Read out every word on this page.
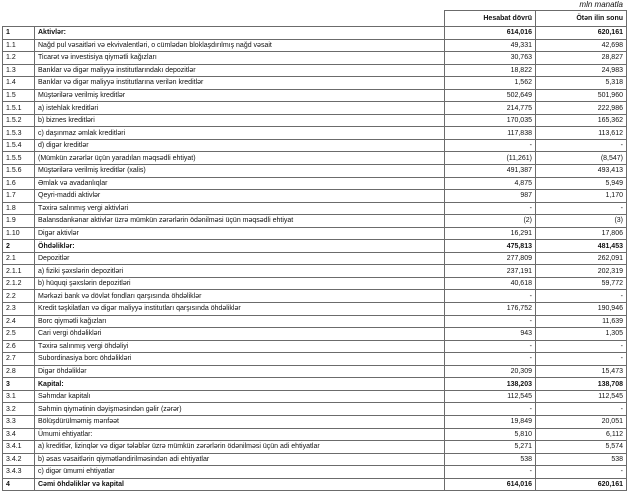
mln manatla
		Hesabat dövrü	Ötən ilin sonu
1	Aktivlər:	614,016	620,161
1.1	Nağd pul vəsaitləri və ekvivalentləri, o cümlədən bloklaşdırılmış nağd vəsait	49,331	42,698
1.2	Ticarət və investisiya qiymətli kağızları	30,763	28,827
1.3	Banklar və digər maliyyə institutlarındakı depozitlər	18,822	24,983
1.4	Banklar və digər maliyyə institutlarına verilən kreditlər	1,562	5,318
1.5	Müştərilərə verilmiş kreditlər	502,649	501,960
1.5.1	a) istehlak kreditləri	214,775	222,986
1.5.2	b) biznes kreditləri	170,035	165,362
1.5.3	c) daşınmaz əmlak kreditləri	117,838	113,612
1.5.4	d) digər kreditlər	-	-
1.5.5	(Mümkün zərərlər üçün yaradılan məqsədli ehtiyat)	(11,261)	(8,547)
1.5.6	Müştərilərə verilmiş kreditlər (xalis)	491,387	493,413
1.6	Əmlak və avadanlıqlar	4,875	5,949
1.7	Qeyri-maddi aktivlər	987	1,170
1.8	Təxirə salınmış vergi aktivləri	-	-
1.9	Balansdankənar aktivlər üzrə mümkün zərərlərin ödənilməsi üçün məqsədli ehtiyat	(2)	(3)
1.10	Digər aktivlər	16,291	17,806
2	Öhdəliklər:	475,813	481,453
2.1	Depozitlər	277,809	262,091
2.1.1	a) fiziki şəxslərin depozitləri	237,191	202,319
2.1.2	b) hüquqi şəxslərin depozitləri	40,618	59,772
2.2	Mərkəzi bank və dövlət fondları qarşısında öhdəliklər	-	-
2.3	Kredit təşkilatları və digər maliyyə institutları qarşısında öhdəliklər	176,752	190,946
2.4	Borc qiymətli kağızları	-	11,639
2.5	Cari vergi öhdəlikləri	943	1,305
2.6	Təxirə salınmış vergi öhdəliyi	-	-
2.7	Subordinasiya borc öhdəlikləri	-	-
2.8	Digər öhdəliklər	20,309	15,473
3	Kapital:	138,203	138,708
3.1	Səhmdar kapitalı	112,545	112,545
3.2	Səhmin qiymətinin dəyişməsindən gəlir (zərər)	-	-
3.3	Bölüşdürülməmiş mənfəət	19,849	20,051
3.4	Ümumi ehtiyatlar:	5,810	6,112
3.4.1	a) kreditlər, lizinqlər və digər tələblər üzrə mümkün zərərlərin ödənilməsi üçün adi ehtiyatlar	5,271	5,574
3.4.2	b) əsas vəsaitlərin qiymətləndirilməsindən adi ehtiyatlar	538	538
3.4.3	c) digər ümumi ehtiyatlar	-	-
4	Cəmi öhdəliklər və kapital	614,016	620,161
